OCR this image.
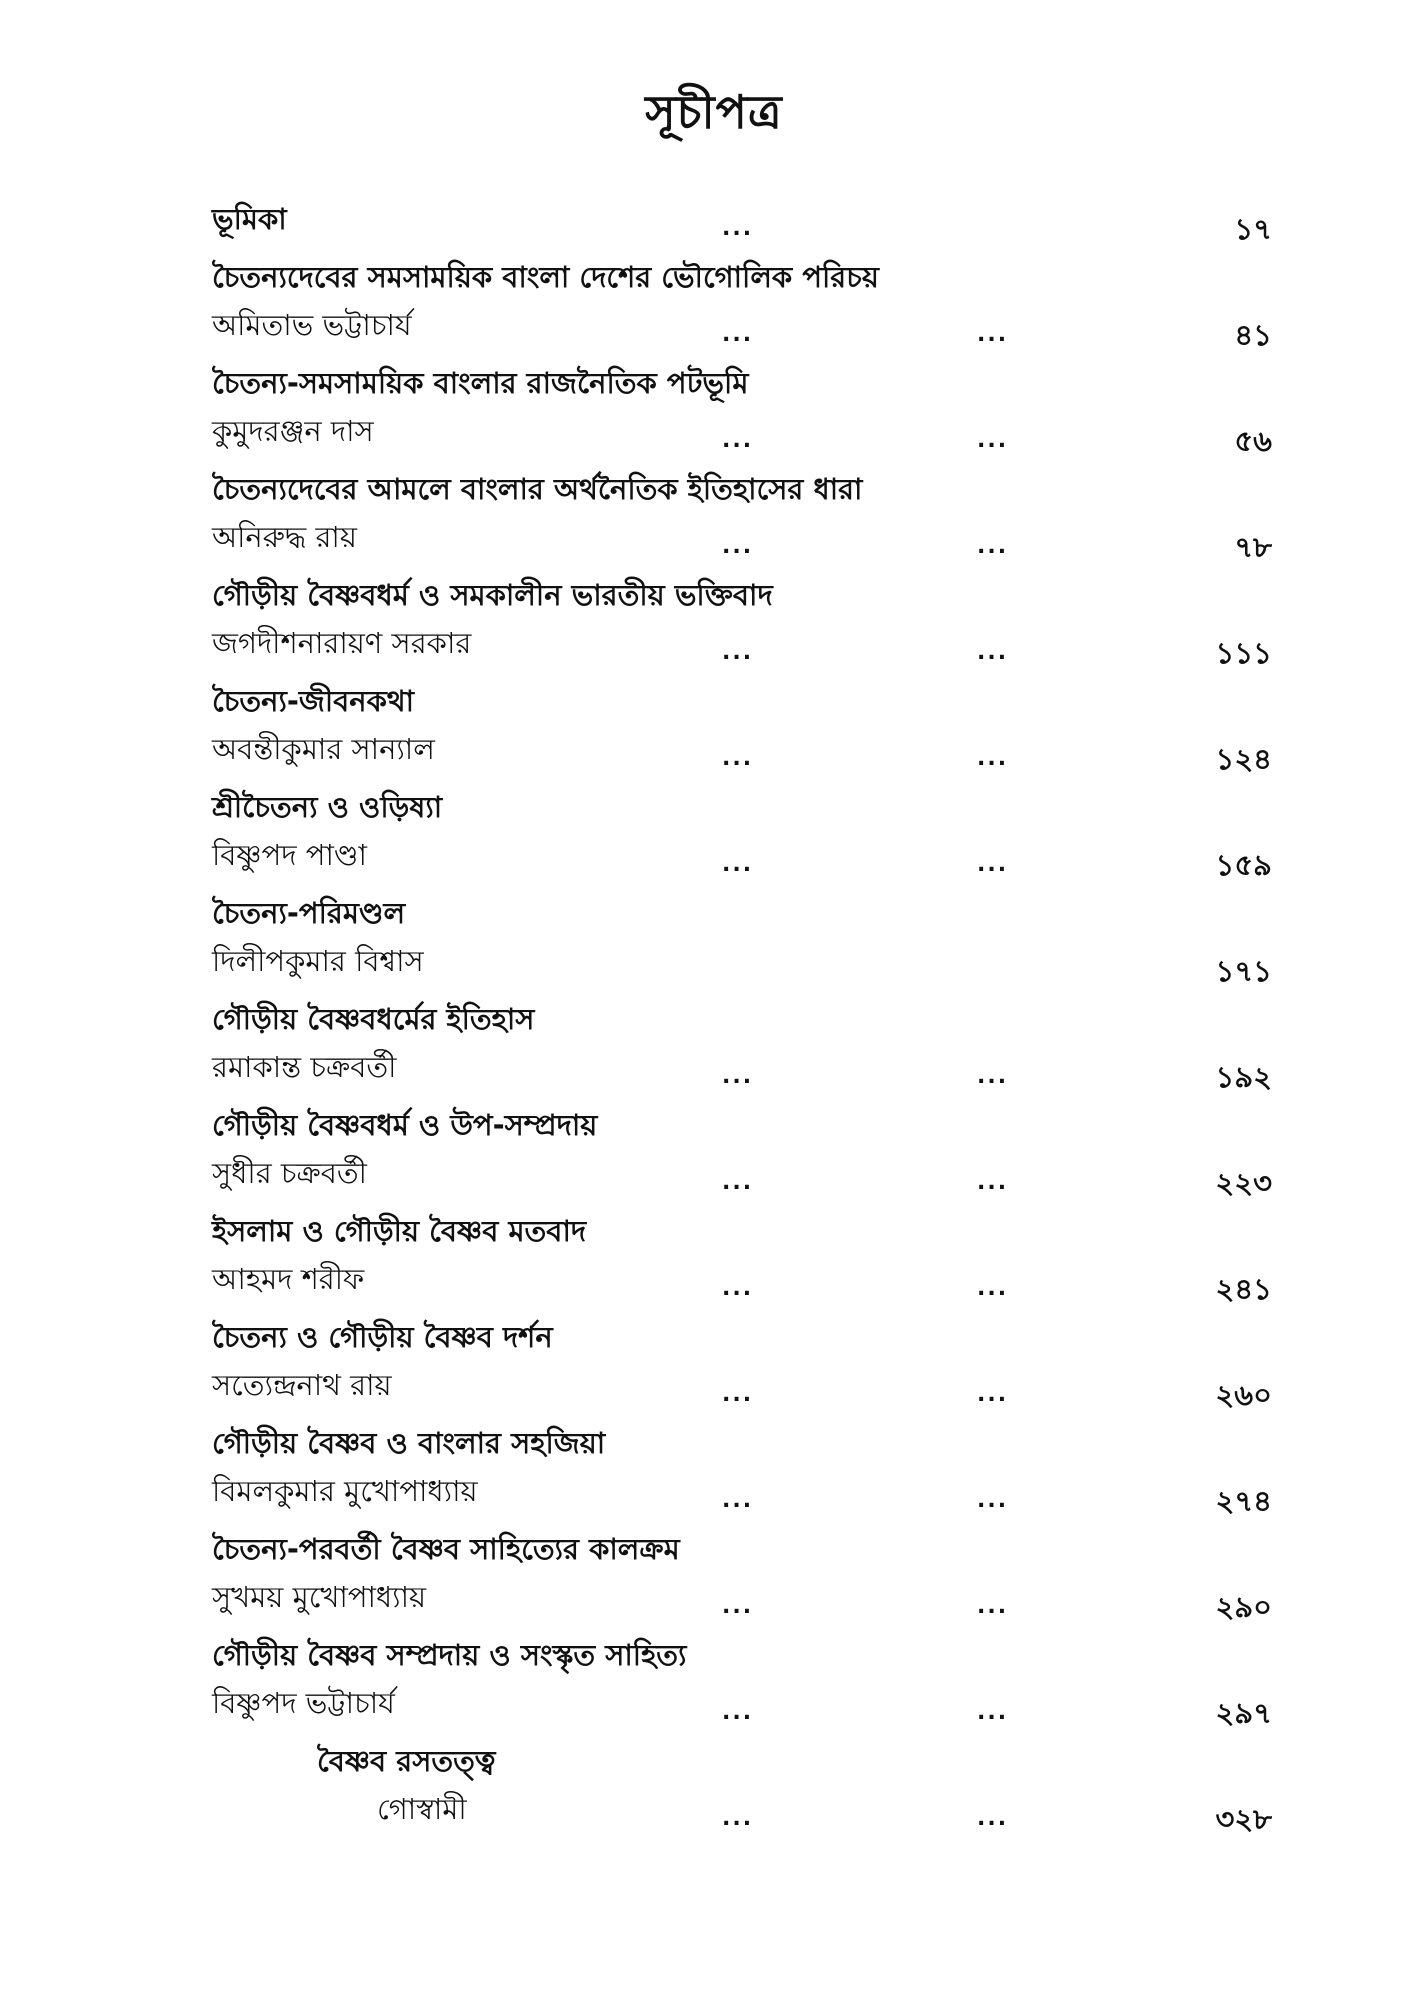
সূচীপত্র
ভূমিকা	...	১৭
চৈতন্যদেবের সমসাময়িক বাংলা দেশের ভৌগোলিক পরিচয়
অমিতাভ ভট্টাচার্য	...	...	৪১
চৈতন্য-সমসাময়িক বাংলার রাজনৈতিক পটভূমি
কুমুদরঞ্জন দাস	...	...	৫৬
চৈতন্যদেবের আমলে বাংলার অর্থনৈতিক ইতিহাসের ধারা
অনিরুদ্ধ রায়	...	...	৭৮
গৌড়ীয় বৈষ্ণবধর্ম ও সমকালীন ভারতীয় ভক্তিবাদ
জগদীশনারায়ণ সরকার	...	...	১১১
চৈতন্য-জীবনকথা
অবন্তীকুমার সান্যাল	...	...	১২৪
শ্রীচৈতন্য ও ওড়িষ্যা
বিষ্ণুপদ পাণ্ডা	...	...	১৫৯
চৈতন্য-পরিমণ্ডল
দিলীপকুমার বিশ্বাস	১৭১
গৌড়ীয় বৈষ্ণবধর্মের ইতিহাস
রমাকান্ত চক্রবর্তী	...	...	১৯২
গৌড়ীয় বৈষ্ণবধর্ম ও উপ-সম্প্রদায়
সুধীর চক্রবর্তী	...	...	২২৩
ইসলাম ও গৌড়ীয় বৈষ্ণব মতবাদ
আহমদ শরীফ	...	...	২৪১
চৈতন্য ও গৌড়ীয় বৈষ্ণব দর্শন
সত্যেন্দ্রনাথ রায়	...	...	২৬০
গৌড়ীয় বৈষ্ণব ও বাংলার সহজিয়া
বিমলকুমার মুখোপাধ্যায়	...	...	২৭৪
চৈতন্য-পরবর্তী বৈষ্ণব সাহিত্যের কালক্রম
সুখময় মুখোপাধ্যায়	...	...	২৯০
গৌড়ীয় বৈষ্ণব সম্প্রদায় ও সংস্কৃত সাহিত্য
বিষ্ণুপদ ভট্টাচার্য	...	...	২৯৭
বৈষ্ণব রসতত্ত্ব
গোস্বামী	...	...	৩২৮
